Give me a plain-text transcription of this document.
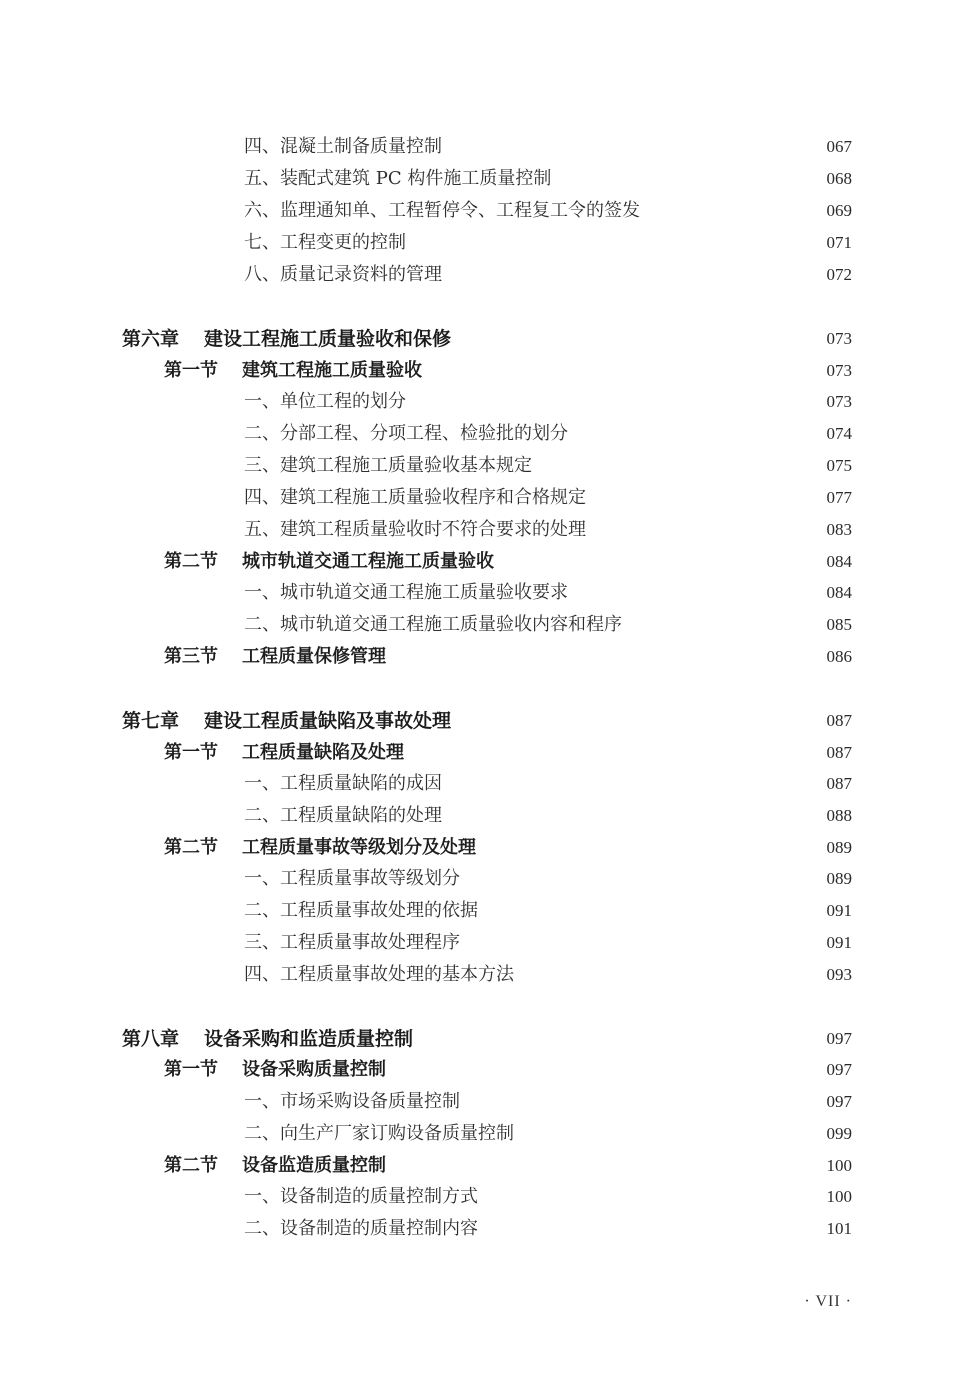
四、混凝土制备质量控制	067
五、装配式建筑 PC 构件施工质量控制	068
六、监理通知单、工程暂停令、工程复工令的签发	069
七、工程变更的控制	071
八、质量记录资料的管理	072
第六章 建设工程施工质量验收和保修	073
第一节 建筑工程施工质量验收	073
一、单位工程的划分	073
二、分部工程、分项工程、检验批的划分	074
三、建筑工程施工质量验收基本规定	075
四、建筑工程施工质量验收程序和合格规定	077
五、建筑工程质量验收时不符合要求的处理	083
第二节 城市轨道交通工程施工质量验收	084
一、城市轨道交通工程施工质量验收要求	084
二、城市轨道交通工程施工质量验收内容和程序	085
第三节 工程质量保修管理	086
第七章 建设工程质量缺陷及事故处理	087
第一节 工程质量缺陷及处理	087
一、工程质量缺陷的成因	087
二、工程质量缺陷的处理	088
第二节 工程质量事故等级划分及处理	089
一、工程质量事故等级划分	089
二、工程质量事故处理的依据	091
三、工程质量事故处理程序	091
四、工程质量事故处理的基本方法	093
第八章 设备采购和监造质量控制	097
第一节 设备采购质量控制	097
一、市场采购设备质量控制	097
二、向生产厂家订购设备质量控制	099
第二节 设备监造质量控制	100
一、设备制造的质量控制方式	100
二、设备制造的质量控制内容	101
· VII ·
